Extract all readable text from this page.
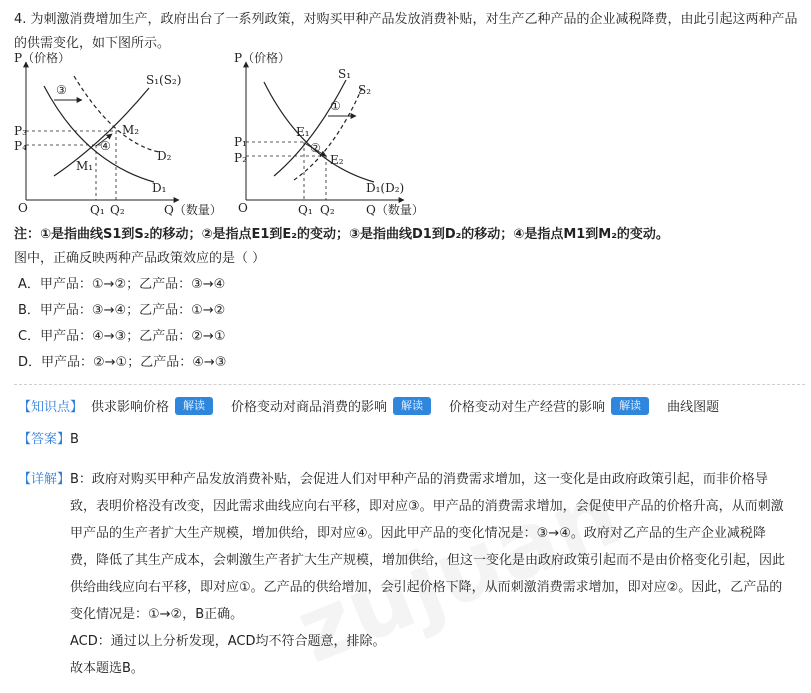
4. 为刺激消费增加生产，政府出台了一系列政策，对购买甲种产品发放消费补贴，对生产乙种产品的企业减税降费，由此引起这两种产品的供需变化，如下图所示。
P（价格）
Q（数量）
O
③
④
S₁(S₂)
D₁
D₂
M₁
M₂
P₃
P₄
Q₁ Q₂
P（价格）
Q（数量）
O
①
②
S₁
S₂
D₁(D₂)
E₁
E₂
P₁
P₂
Q₁ Q₂
注：①是指曲线S1到S₂的移动；②是指点E1到E₂的变动；③是指曲线D1到D₂的移动；④是指点M1到M₂的变动。
图中，正确反映两种产品政策效应的是（ ）
A．甲产品：①→②；乙产品：③→④
B．甲产品：③→④；乙产品：①→②
C．甲产品：④→③；乙产品：②→①
D．甲产品：②→①；乙产品：④→③
【知识点】 供求影响价格	解读	价格变动对商品消费的影响	解读	价格变动对生产经营的影响	解读	曲线图题
【答案】B
【详解】 B：政府对购买甲种产品发放消费补贴，会促进人们对甲种产品的消费需求增加，这一变化是由政府政策引起，而非价格导

致，表明价格没有改变，因此需求曲线应向右平移，即对应③。甲产品的消费需求增加，会促使甲产品的价格升高，从而刺激

甲产品的生产者扩大生产规模，增加供给，即对应④。因此甲产品的变化情况是：③→④。政府对乙产品的生产企业减税降

费，降低了其生产成本，会刺激生产者扩大生产规模，增加供给，但这一变化是由政府政策引起而不是由价格变化引起，因此

供给曲线应向右平移，即对应①。乙产品的供给增加，会引起价格下降，从而刺激消费需求增加，即对应②。因此，乙产品的

变化情况是：①→②，B正确。

ACD：通过以上分析发现，ACD均不符合题意，排除。

故本题选B。
